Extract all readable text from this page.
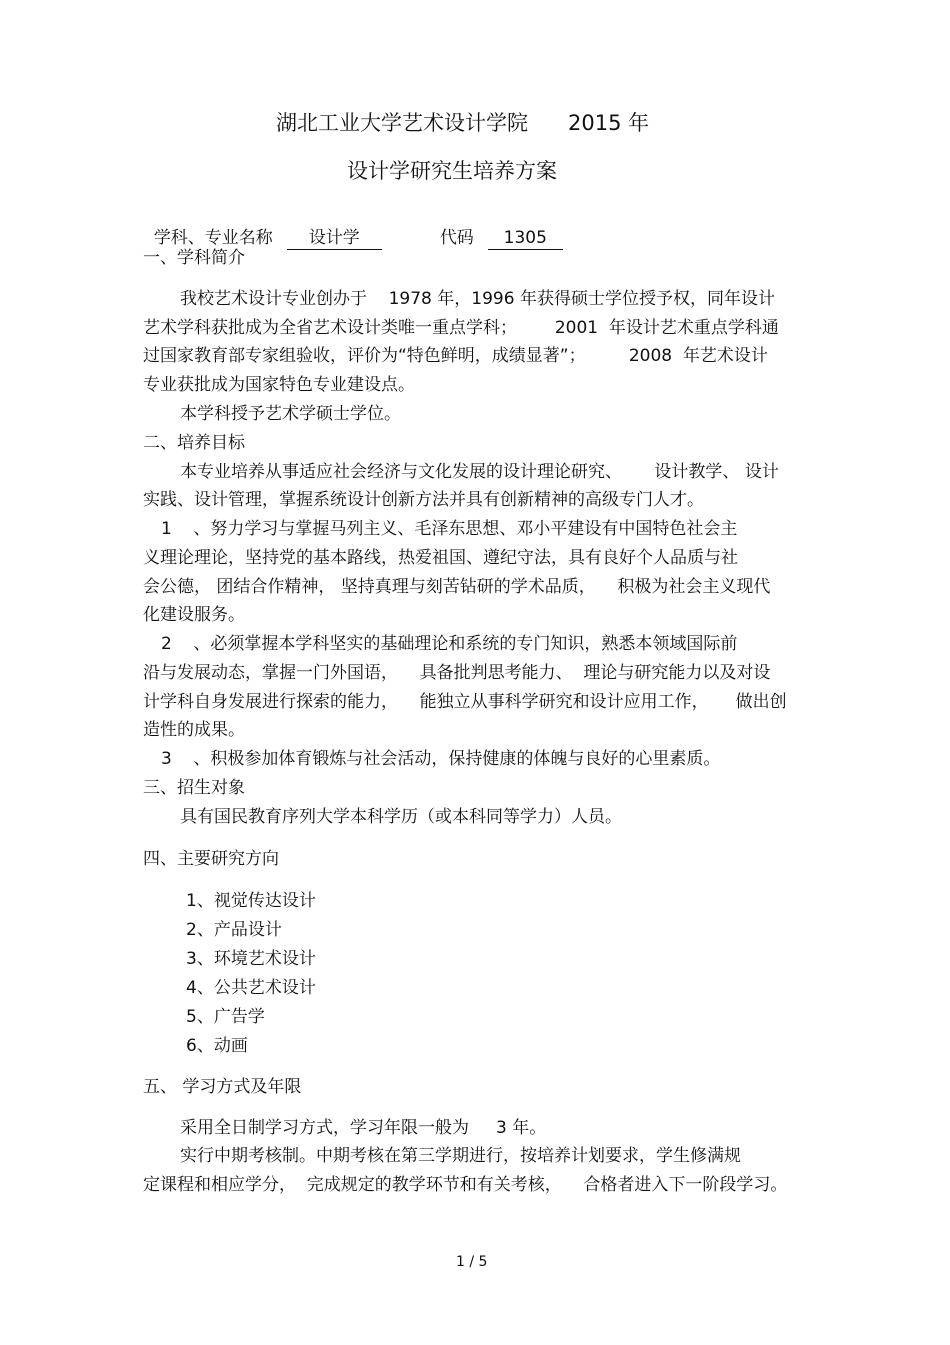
湖北工业大学艺术设计学院      2015 年
设计学研究生培养方案

学科、专业名称 设计学	代码 1305

一、学科简介
我校艺术设计专业创办于    1978 年，1996 年获得硕士学位授予权，同年设计
艺术学科获批成为全省艺术设计类唯一重点学科；       2001  年设计艺术重点学科通
过国家教育部专家组验收，评价为“特色鲜明，成绩显著”；        2008  年艺术设计
专业获批成为国家特色专业建设点。
本学科授予艺术学硕士学位。
二、培养目标
本专业培养从事适应社会经济与文化发展的设计理论研究、      设计教学、 设计
实践、设计管理，掌握系统设计创新方法并具有创新精神的高级专门人才。
1    、努力学习与掌握马列主义、毛泽东思想、邓小平建设有中国特色社会主
义理论理论，坚持党的基本路线，热爱祖国、遵纪守法，具有良好个人品质与社
会公德， 团结合作精神， 坚持真理与刻苦钻研的学术品质，    积极为社会主义现代
化建设服务。
2    、必须掌握本学科坚实的基础理论和系统的专门知识，熟悉本领域国际前
沿与发展动态，掌握一门外国语，    具备批判思考能力、  理论与研究能力以及对设
计学科自身发展进行探索的能力，    能独立从事科学研究和设计应用工作，     做出创
造性的成果。
3    、积极参加体育锻炼与社会活动，保持健康的体魄与良好的心里素质。
三、招生对象
具有国民教育序列大学本科学历（或本科同等学力）人员。
四、主要研究方向
1、视觉传达设计
2、产品设计
3、环境艺术设计
4、公共艺术设计
5、广告学
6、动画
五、 学习方式及年限
采用全日制学习方式，学习年限一般为     3 年。
实行中期考核制。中期考核在第三学期进行，按培养计划要求，学生修满规
定课程和相应学分，  完成规定的教学环节和有关考核，    合格者进入下一阶段学习。
1 / 5
